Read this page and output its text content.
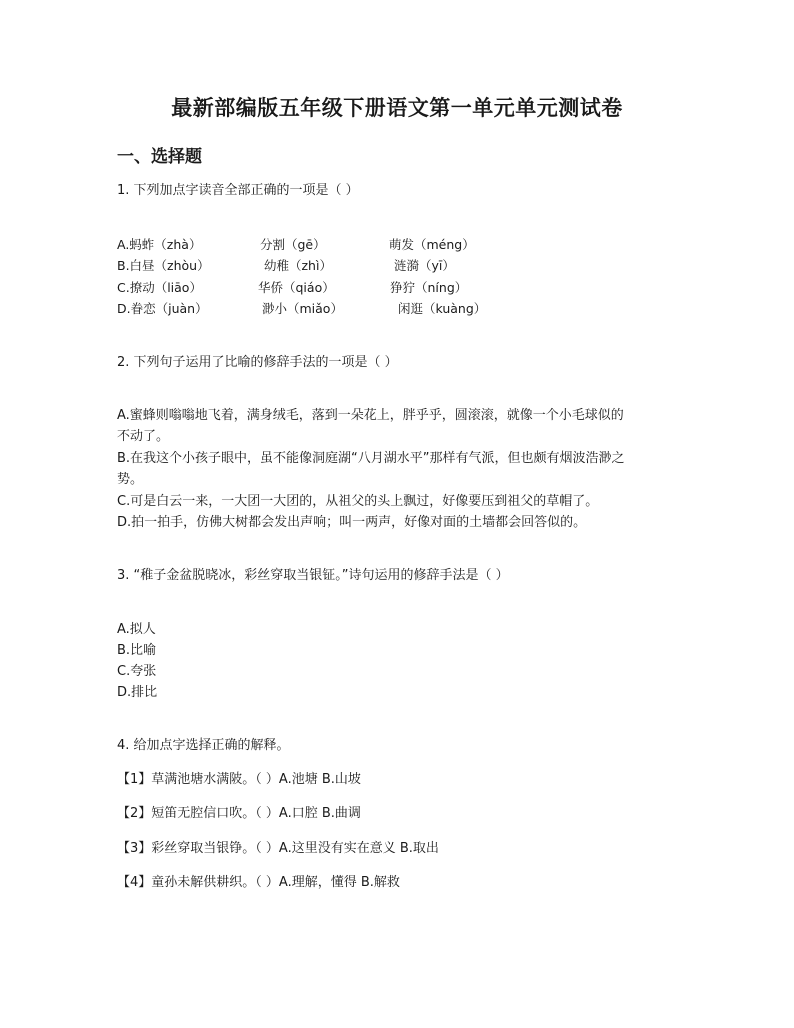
最新部编版五年级下册语文第一单元单元测试卷
一、选择题
1. 下列加点字读音全部正确的一项是（ ）
A.蚂蚱（zhà）	分割（gē）	萌发（méng）
B.白昼（zhòu）	幼稚（zhì）	涟漪（yī）
C.撩动（liāo）	华侨（qiáo）	狰狞（níng）
D.眷恋（juàn）	渺小（miǎo）	闲逛（kuàng）
2. 下列句子运用了比喻的修辞手法的一项是（ ）
A.蜜蜂则嗡嗡地飞着，满身绒毛，落到一朵花上，胖乎乎，圆滚滚，就像一个小毛球似的
不动了。
B.在我这个小孩子眼中，虽不能像洞庭湖“八月湖水平”那样有气派，但也颇有烟波浩渺之
势。
C.可是白云一来，一大团一大团的，从祖父的头上飘过，好像要压到祖父的草帽了。
D.拍一拍手，仿佛大树都会发出声响；叫一两声，好像对面的土墙都会回答似的。
3. “稚子金盆脱晓冰，彩丝穿取当银钲。”诗句运用的修辞手法是（ ）
A.拟人
B.比喻
C.夸张
D.排比
4. 给加点字选择正确的解释。
【1】草满池塘水满陂。（ ）A.池塘 B.山坡
【2】短笛无腔信口吹。（ ）A.口腔 B.曲调
【3】彩丝穿取当银铮。（ ）A.这里没有实在意义 B.取出
【4】童孙未解供耕织。（ ）A.理解，懂得 B.解救
